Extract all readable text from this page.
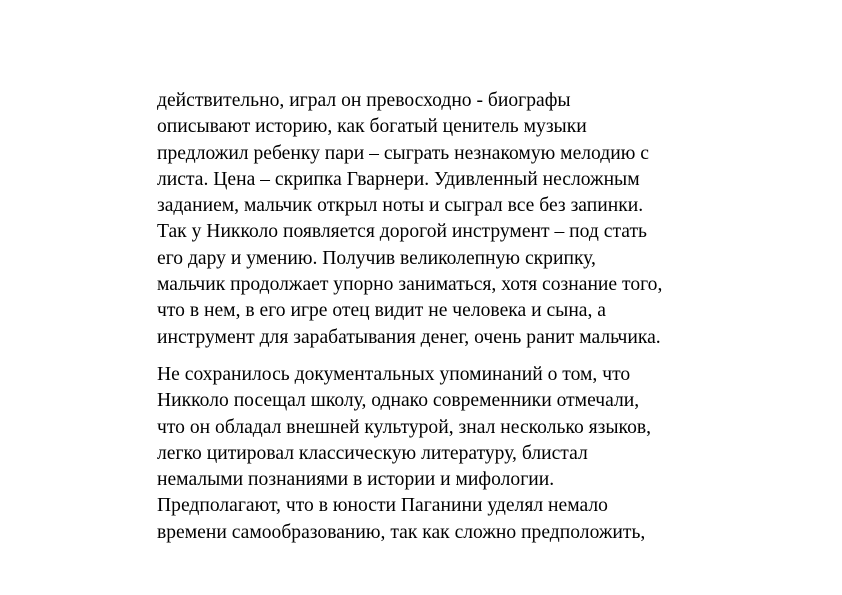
действительно, играл он превосходно - биографы
описывают историю, как богатый ценитель музыки
предложил ребенку пари – сыграть незнакомую мелодию с
листа. Цена – скрипка Гварнери. Удивленный несложным
заданием, мальчик открыл ноты и сыграл все без запинки.
Так у Никколо появляется дорогой инструмент – под стать
его дару и умению. Получив великолепную скрипку,
мальчик продолжает упорно заниматься, хотя сознание того,
что в нем, в его игре отец видит не человека и сына, а
инструмент для зарабатывания денег, очень ранит мальчика.

Не сохранилось документальных упоминаний о том, что
Никколо посещал школу, однако современники отмечали,
что он обладал внешней культурой, знал несколько языков,
легко цитировал классическую литературу, блистал
немалыми познаниями в истории и мифологии.
Предполагают, что в юности Паганини уделял немало
времени самообразованию, так как сложно предположить,
